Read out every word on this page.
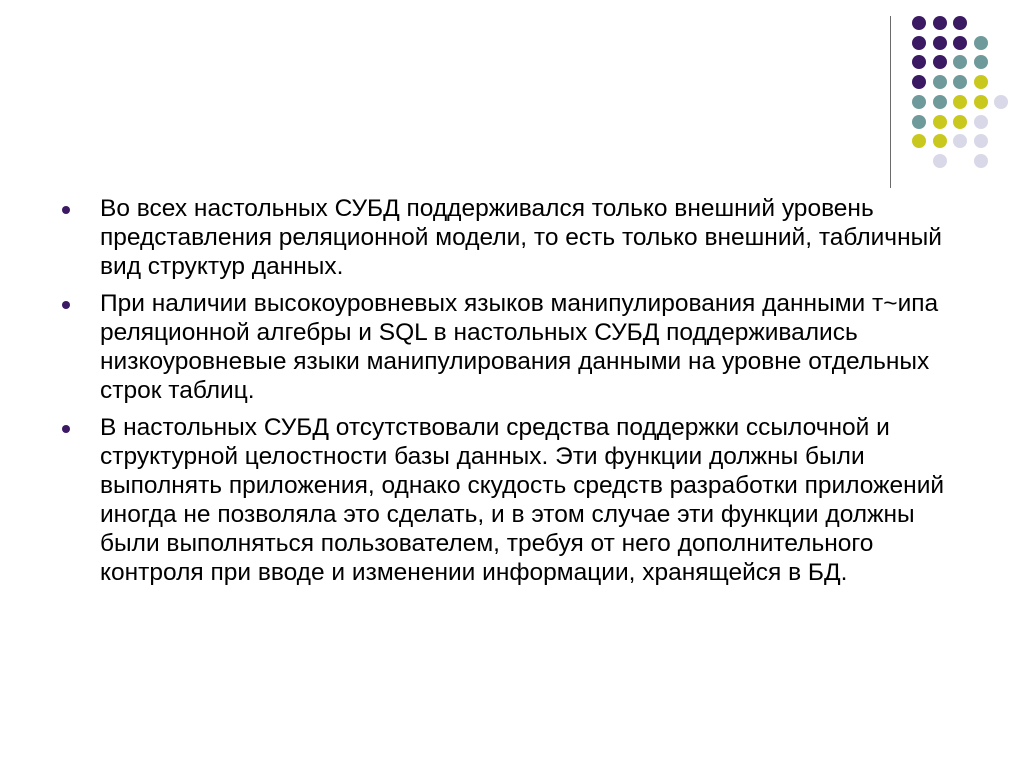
Во всех настольных СУБД поддерживался только внешний уровень представления реляционной модели, то есть только внешний, табличный вид структур данных.
При наличии высокоуровневых языков манипулирования данными т~ипа реляционной алгебры и SQL в настольных СУБД поддерживались низкоуровневые языки манипулирования данными на уровне отдельных строк таблиц.
В настольных СУБД отсутствовали средства поддержки ссылочной и структурной целостности базы данных. Эти функции должны были выполнять приложения, однако скудость средств разработки приложений иногда не позволяла это сделать, и в этом случае эти функции должны были выполняться пользователем, требуя от него дополнительного контроля при вводе и изменении информации, хранящейся в БД.
